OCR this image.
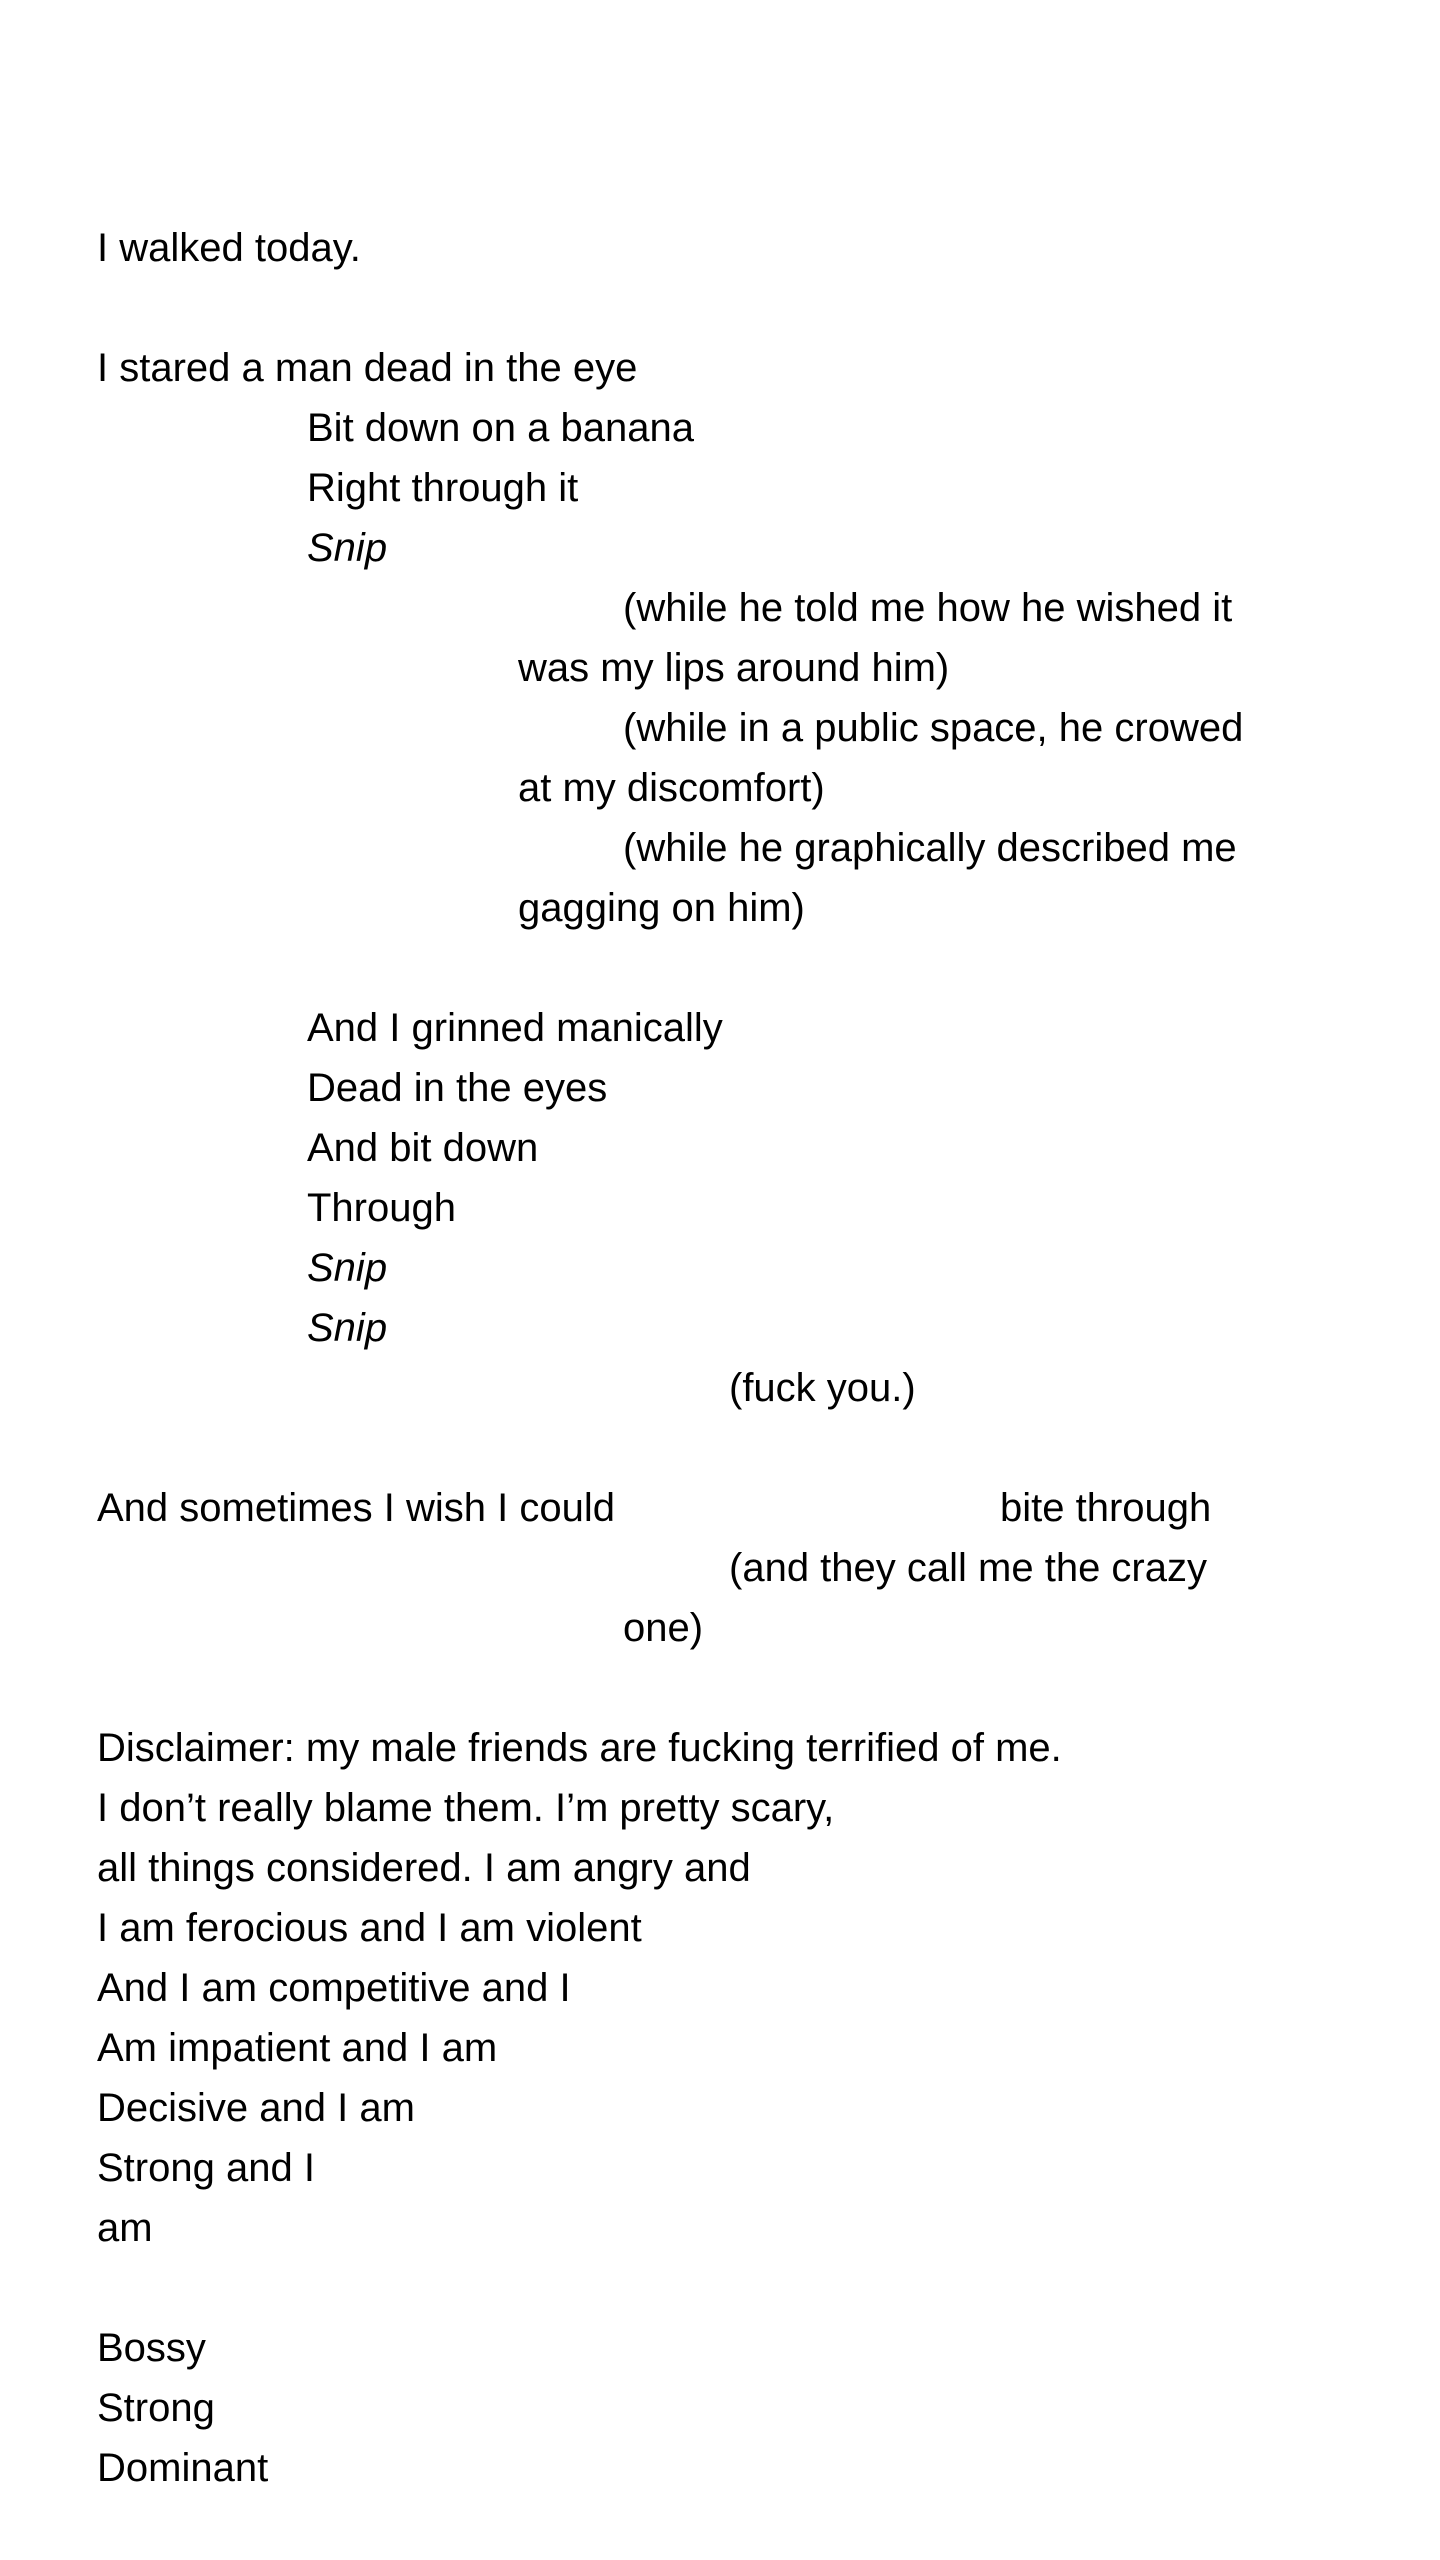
I walked today.
I stared a man dead in the eye
Bit down on a banana
Right through it
Snip
(while he told me how he wished it
was my lips around him)
(while in a public space, he crowed
at my discomfort)
(while he graphically described me
gagging on him)
And I grinned manically
Dead in the eyes
And bit down
Through
Snip
Snip
(fuck you.)
And sometimes I wish I could	bite through
(and they call me the crazy
one)
Disclaimer: my male friends are fucking terrified of me.
I don’t really blame them. I’m pretty scary,
all things considered. I am angry and
I am ferocious and I am violent
And I am competitive and I
Am impatient and I am
Decisive and I am
Strong and I
am
Bossy
Strong
Dominant
